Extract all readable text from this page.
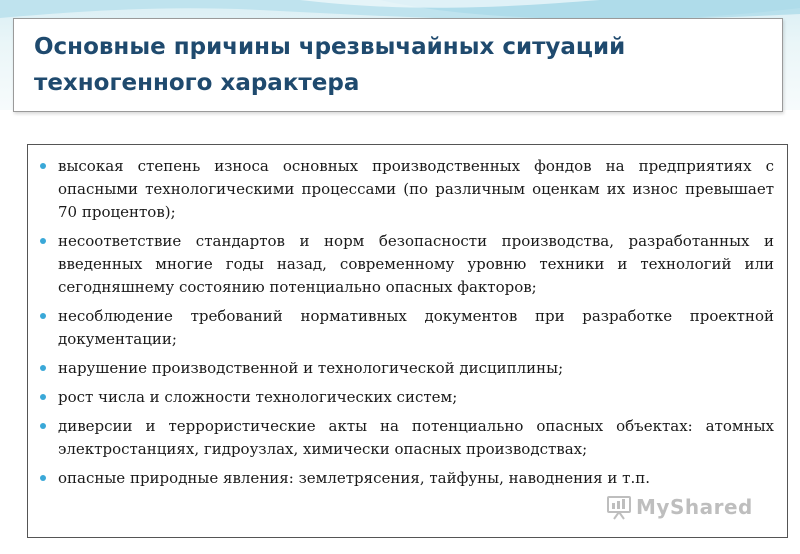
Основные причины чрезвычайных ситуаций
техногенного характера
высокая степень износа основных производственных фондов на предприятиях с опасными технологическими процессами (по различным оценкам их износ превышает 70 процентов);
несоответствие стандартов и норм безопасности производства, разработанных и введенных многие годы назад, современному уровню техники и технологий или сегодняшнему состоянию потенциально опасных факторов;
несоблюдение требований нормативных документов при разработке проектной документации;
нарушение производственной и технологической дисциплины;
рост числа и сложности технологических систем;
диверсии и террористические акты на потенциально опасных объектах: атомных электростанциях, гидроузлах, химически опасных производствах;
опасные природные явления: землетрясения, тайфуны, наводнения и т.п.
MyShared
